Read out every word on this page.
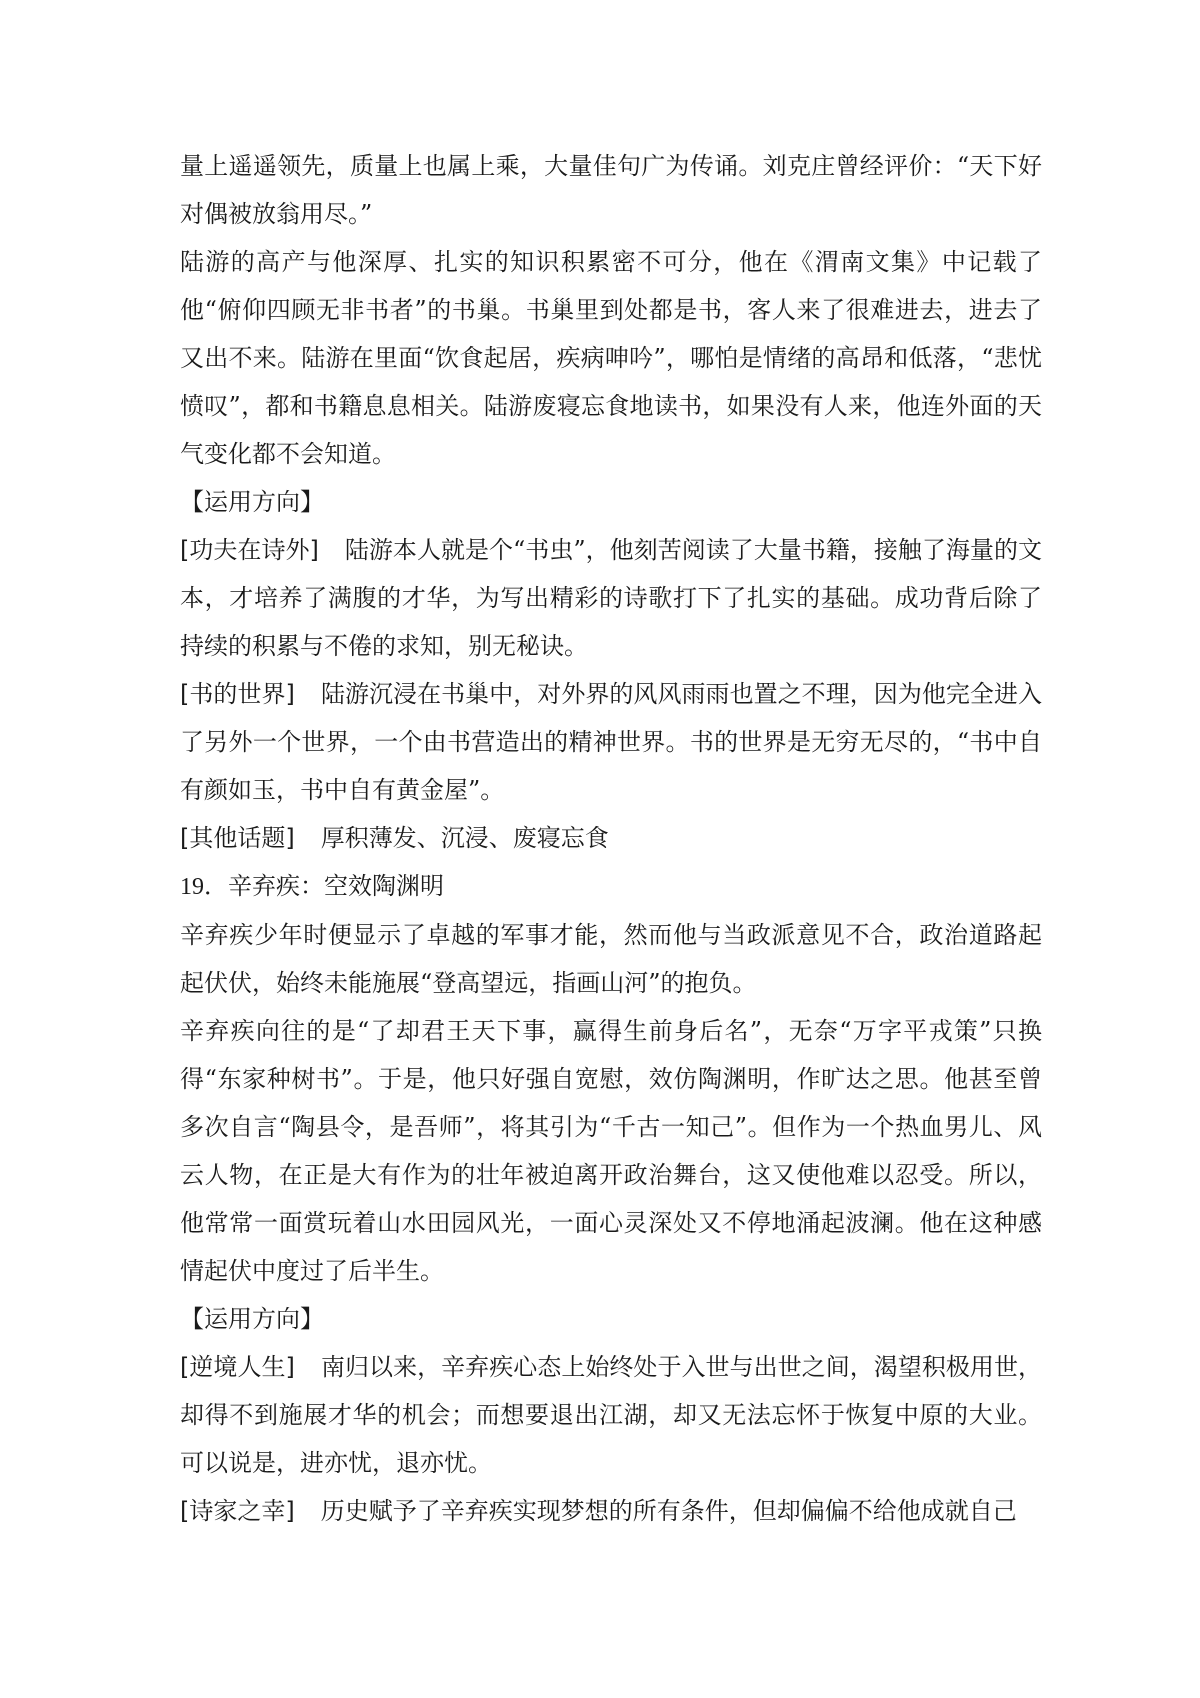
量上遥遥领先，质量上也属上乘，大量佳句广为传诵。刘克庄曾经评价：“天下好对偶被放翁用尽。”

陆游的高产与他深厚、扎实的知识积累密不可分，他在《渭南文集》中记载了他“俯仰四顾无非书者”的书巢。书巢里到处都是书，客人来了很难进去，进去了又出不来。陆游在里面“饮食起居，疾病呻吟”，哪怕是情绪的高昂和低落，“悲忧愤叹”，都和书籍息息相关。陆游废寝忘食地读书，如果没有人来，他连外面的天气变化都不会知道。

【运用方向】

[功夫在诗外] 陆游本人就是个“书虫”，他刻苦阅读了大量书籍，接触了海量的文本，才培养了满腹的才华，为写出精彩的诗歌打下了扎实的基础。成功背后除了持续的积累与不倦的求知，别无秘诀。

[书的世界] 陆游沉浸在书巢中，对外界的风风雨雨也置之不理，因为他完全进入了另外一个世界，一个由书营造出的精神世界。书的世界是无穷无尽的，“书中自有颜如玉，书中自有黄金屋”。

[其他话题] 厚积薄发、沉浸、废寝忘食

19．辛弃疾：空效陶渊明

辛弃疾少年时便显示了卓越的军事才能，然而他与当政派意见不合，政治道路起起伏伏，始终未能施展“登高望远，指画山河”的抱负。

辛弃疾向往的是“了却君王天下事，赢得生前身后名”，无奈“万字平戎策”只换得“东家种树书”。于是，他只好强自宽慰，效仿陶渊明，作旷达之思。他甚至曾多次自言“陶县令，是吾师”，将其引为“千古一知己”。但作为一个热血男儿、风云人物，在正是大有作为的壮年被迫离开政治舞台，这又使他难以忍受。所以，他常常一面赏玩着山水田园风光，一面心灵深处又不停地涌起波澜。他在这种感情起伏中度过了后半生。

【运用方向】

[逆境人生] 南归以来，辛弃疾心态上始终处于入世与出世之间，渴望积极用世，却得不到施展才华的机会；而想要退出江湖，却又无法忘怀于恢复中原的大业。可以说是，进亦忧，退亦忧。

[诗家之幸] 历史赋予了辛弃疾实现梦想的所有条件，但却偏偏不给他成就自己
